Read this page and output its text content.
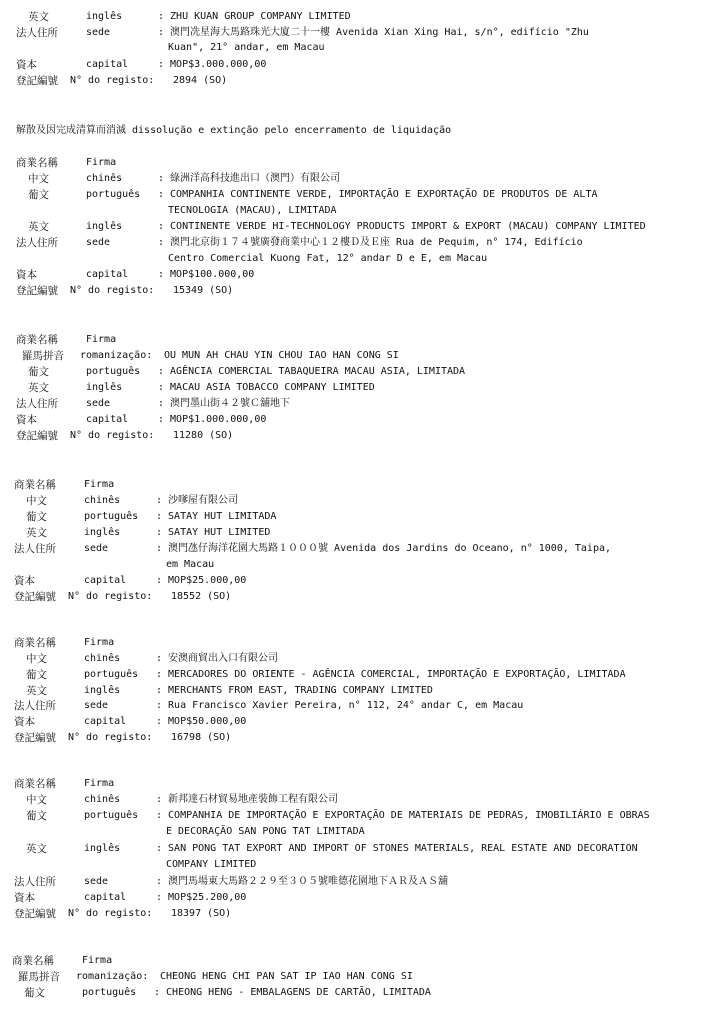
英文	inglês	: ZHU KUAN GROUP COMPANY LIMITED
法人住所	sede	: 澳門冼星海大馬路珠光大廈二十一樓 Avenida Xian Xing Hai, s/n°, edifício "Zhu
Kuan", 21° andar, em Macau
資本	capital	: MOP$3.000.000,00
登記編號 N° do registo: 2894 (SO)
解散及因完成清算而消滅 dissolução e extinção pelo encerramento de liquidação
商業名稱	Firma
中文	chinês	: 綠洲洋高科技進出口（澳門）有限公司
葡文	português : COMPANHIA CONTINENTE VERDE, IMPORTAÇÃO E EXPORTAÇÃO DE PRODUTOS DE ALTA
TECNOLOGIA (MACAU), LIMITADA
英文	inglês	: CONTINENTE VERDE HI-TECHNOLOGY PRODUCTS IMPORT & EXPORT (MACAU) COMPANY LIMITED
法人住所	sede	: 澳門北京街１７４號廣發商業中心１２樓Ｄ及Ｅ座 Rua de Pequim, n° 174, Edifício
Centro Comercial Kuong Fat, 12° andar D e E, em Macau
資本	capital	: MOP$100.000,00
登記編號 N° do registo: 15349 (SO)
商業名稱	Firma
羅馬拼音 romanização: OU MUN AH CHAU YIN CHOU IAO HAN CONG SI
葡文	português : AGÊNCIA COMERCIAL TABAQUEIRA MACAU ASIA, LIMITADA
英文	inglês	: MACAU ASIA TOBACCO COMPANY LIMITED
法人住所	sede	: 澳門墨山街４２號Ｃ舖地下
資本	capital	: MOP$1.000.000,00
登記編號 N° do registo: 11280 (SO)
商業名稱	Firma
中文	chinês	: 沙嗲屋有限公司
葡文	português : SATAY HUT LIMITADA
英文	inglês	: SATAY HUT LIMITED
法人住所	sede	: 澳門氹仔海洋花園大馬路１０００號 Avenida dos Jardins do Oceano, n° 1000, Taipa,
em Macau
資本	capital	: MOP$25.000,00
登記編號 N° do registo: 18552 (SO)
商業名稱	Firma
中文	chinês	: 安澳商貿出入口有限公司
葡文	português : MERCADORES DO ORIENTE - AGÊNCIA COMERCIAL, IMPORTAÇÃO E EXPORTAÇÃO, LIMITADA
英文	inglês	: MERCHANTS FROM EAST, TRADING COMPANY LIMITED
法人住所	sede	: Rua Francisco Xavier Pereira, n° 112, 24° andar C, em Macau
資本	capital	: MOP$50.000,00
登記編號 N° do registo: 16798 (SO)
商業名稱	Firma
中文	chinês	: 新邦達石材貿易地產裝飾工程有限公司
葡文	português : COMPANHIA DE IMPORTAÇÃO E EXPORTAÇÃO DE MATERIAIS DE PEDRAS, IMOBILIÁRIO E OBRAS
E DECORAÇÃO SAN PONG TAT LIMITADA
英文	inglês	: SAN PONG TAT EXPORT AND IMPORT OF STONES MATERIALS, REAL ESTATE AND DECORATION
COMPANY LIMITED
法人住所	sede	: 澳門馬場東大馬路２２９至３０５號唯德花園地下ＡＲ及ＡＳ舖
資本	capital	: MOP$25.200,00
登記編號 N° do registo: 18397 (SO)
商業名稱	Firma
羅馬拼音 romanização: CHEONG HENG CHI PAN SAT IP IAO HAN CONG SI
葡文	português : CHEONG HENG - EMBALAGENS DE CARTÃO, LIMITADA
